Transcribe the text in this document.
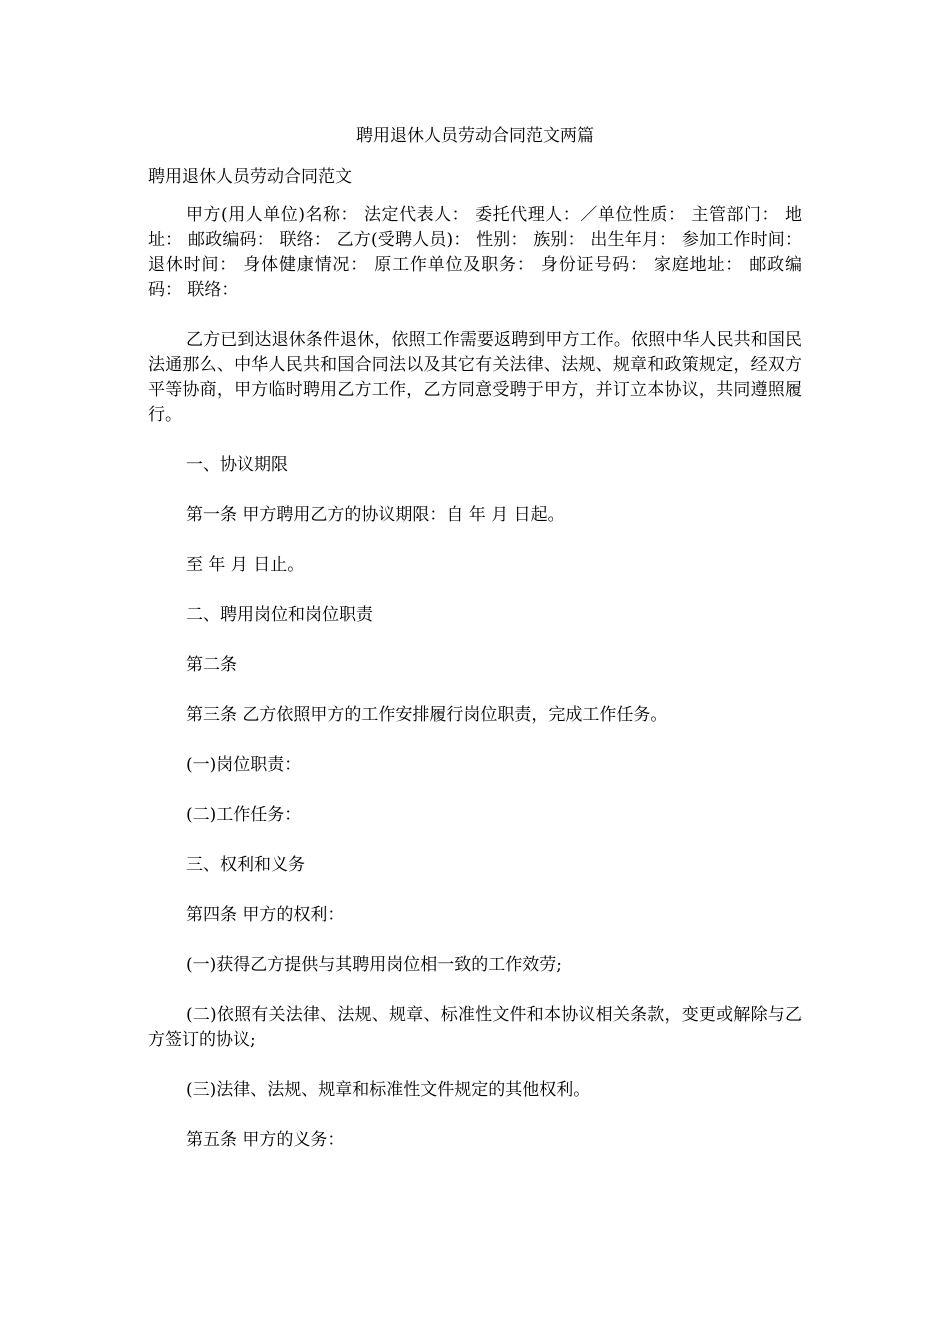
聘用退休人员劳动合同范文两篇
聘用退休人员劳动合同范文

甲方(用人单位)名称： 法定代表人： 委托代理人：／单位性质： 主管部门： 地址： 邮政编码： 联络： 乙方(受聘人员)： 性别： 族别： 出生年月： 参加工作时间： 退休时间： 身体健康情况： 原工作单位及职务： 身份证号码： 家庭地址： 邮政编码： 联络：

乙方已到达退休条件退休，依照工作需要返聘到甲方工作。依照中华人民共和国民法通那么、中华人民共和国合同法以及其它有关法律、法规、规章和政策规定，经双方平等协商，甲方临时聘用乙方工作，乙方同意受聘于甲方，并订立本协议，共同遵照履行。

一、协议期限

第一条 甲方聘用乙方的协议期限：自 年 月 日起。

至 年 月 日止。

二、聘用岗位和岗位职责

第二条

第三条 乙方依照甲方的工作安排履行岗位职责，完成工作任务。

(一)岗位职责：

(二)工作任务：

三、权利和义务

第四条 甲方的权利：

(一)获得乙方提供与其聘用岗位相一致的工作效劳;

(二)依照有关法律、法规、规章、标准性文件和本协议相关条款，变更或解除与乙方签订的协议;

(三)法律、法规、规章和标准性文件规定的其他权利。

第五条 甲方的义务：
